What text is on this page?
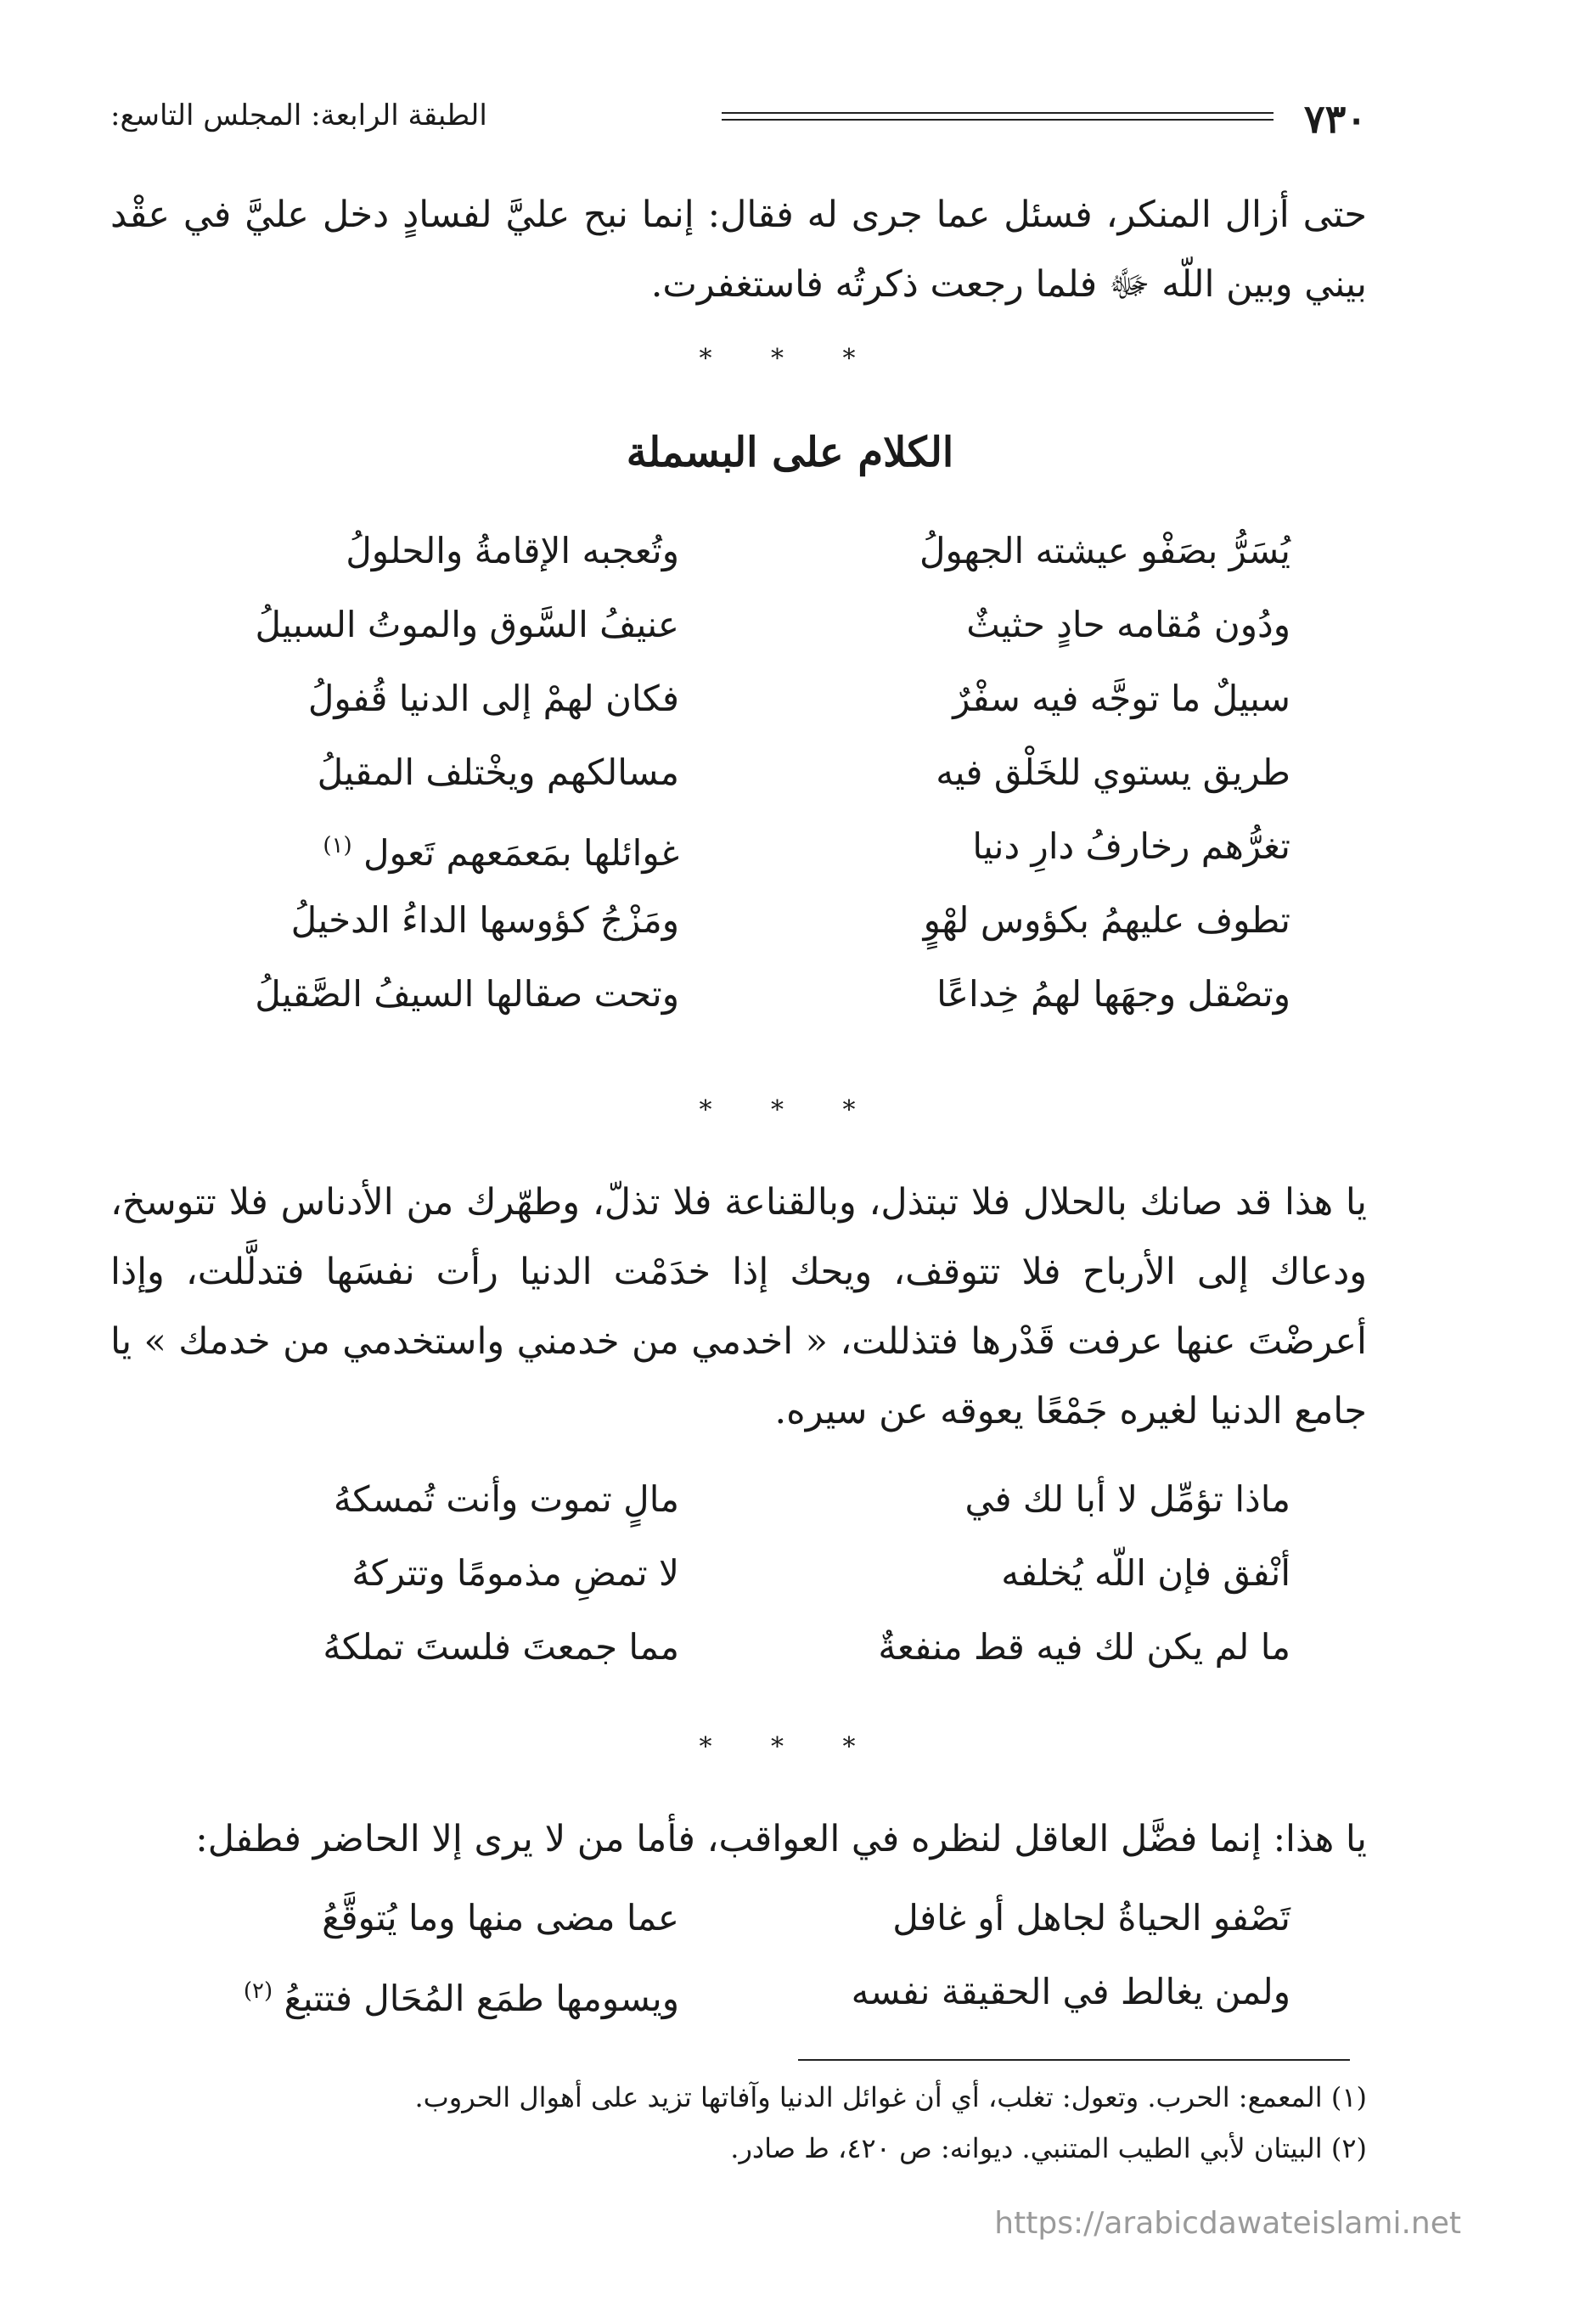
٧٣٠
الطبقة الرابعة: المجلس التاسع:

حتى أزال المنكر، فسئل عما جرى له فقال: إنما نبح عليَّ لفسادٍ دخل عليَّ في عقْد بيني وبين اللّه ﷻ فلما رجعت ذكرتُه فاستغفرت.

* * *
الكلام على البسملة
يُسَرُّ بصَفْو عيشته الجهولُ
وتُعجبه الإقامةُ والحلولُ
ودُون مُقامه حادٍ حثيثٌ
عنيفُ السَّوق والموتُ السبيلُ
سبيلٌ ما توجَّه فيه سفْرٌ
فكان لهمْ إلى الدنيا قُفولُ
طريق يستوي للخَلْق فيه
مسالكهم ويخْتلف المقيلُ
تغرُّهم رخارفُ دارِ دنيا
غوائلها بمَعمَعهم تَعول $^{(١)}$
تطوف عليهمُ بكؤوس لهْوٍ
ومَزْجُ كؤوسها الداءُ الدخيلُ
وتصْقل وجهَها لهمُ خِداعًا
وتحت صقالها السيفُ الصَّقيلُ
* * *

يا هذا قد صانك بالحلال فلا تبتذل، وبالقناعة فلا تذلّ، وطهّرك من الأدناس فلا تتوسخ، ودعاك إلى الأرباح فلا تتوقف، ويحك إذا خدَمْت الدنيا رأت نفسَها فتدلَّلت، وإذا أعرضْتَ عنها عرفت قَدْرها فتذللت، « اخدمي من خدمني واستخدمي من خدمك » يا جامع الدنيا لغيره جَمْعًا يعوقه عن سيره.

ماذا تؤمِّل لا أبا لك في
مالٍ تموت وأنت تُمسكهُ
أنْفق فإن اللّه يُخلفه
لا تمضِ مذمومًا وتتركهُ
ما لم يكن لك فيه قط منفعةٌ
مما جمعتَ فلستَ تملكهُ
* * *

يا هذا: إنما فضَّل العاقل لنظره في العواقب، فأما من لا يرى إلا الحاضر فطفل:

تَصْفو الحياةُ لجاهل أو غافل
عما مضى منها وما يُتوقَّعُ
ولمن يغالط في الحقيقة نفسه
ويسومها طمَع المُحَال فتتبعُ $^{(٢)}$

(١) المعمع: الحرب. وتعول: تغلب، أي أن غوائل الدنيا وآفاتها تزيد على أهوال الحروب.

(٢) البيتان لأبي الطيب المتنبي. ديوانه: ص ٤٢٠، ط صادر.

https://arabicdawateislami.net
